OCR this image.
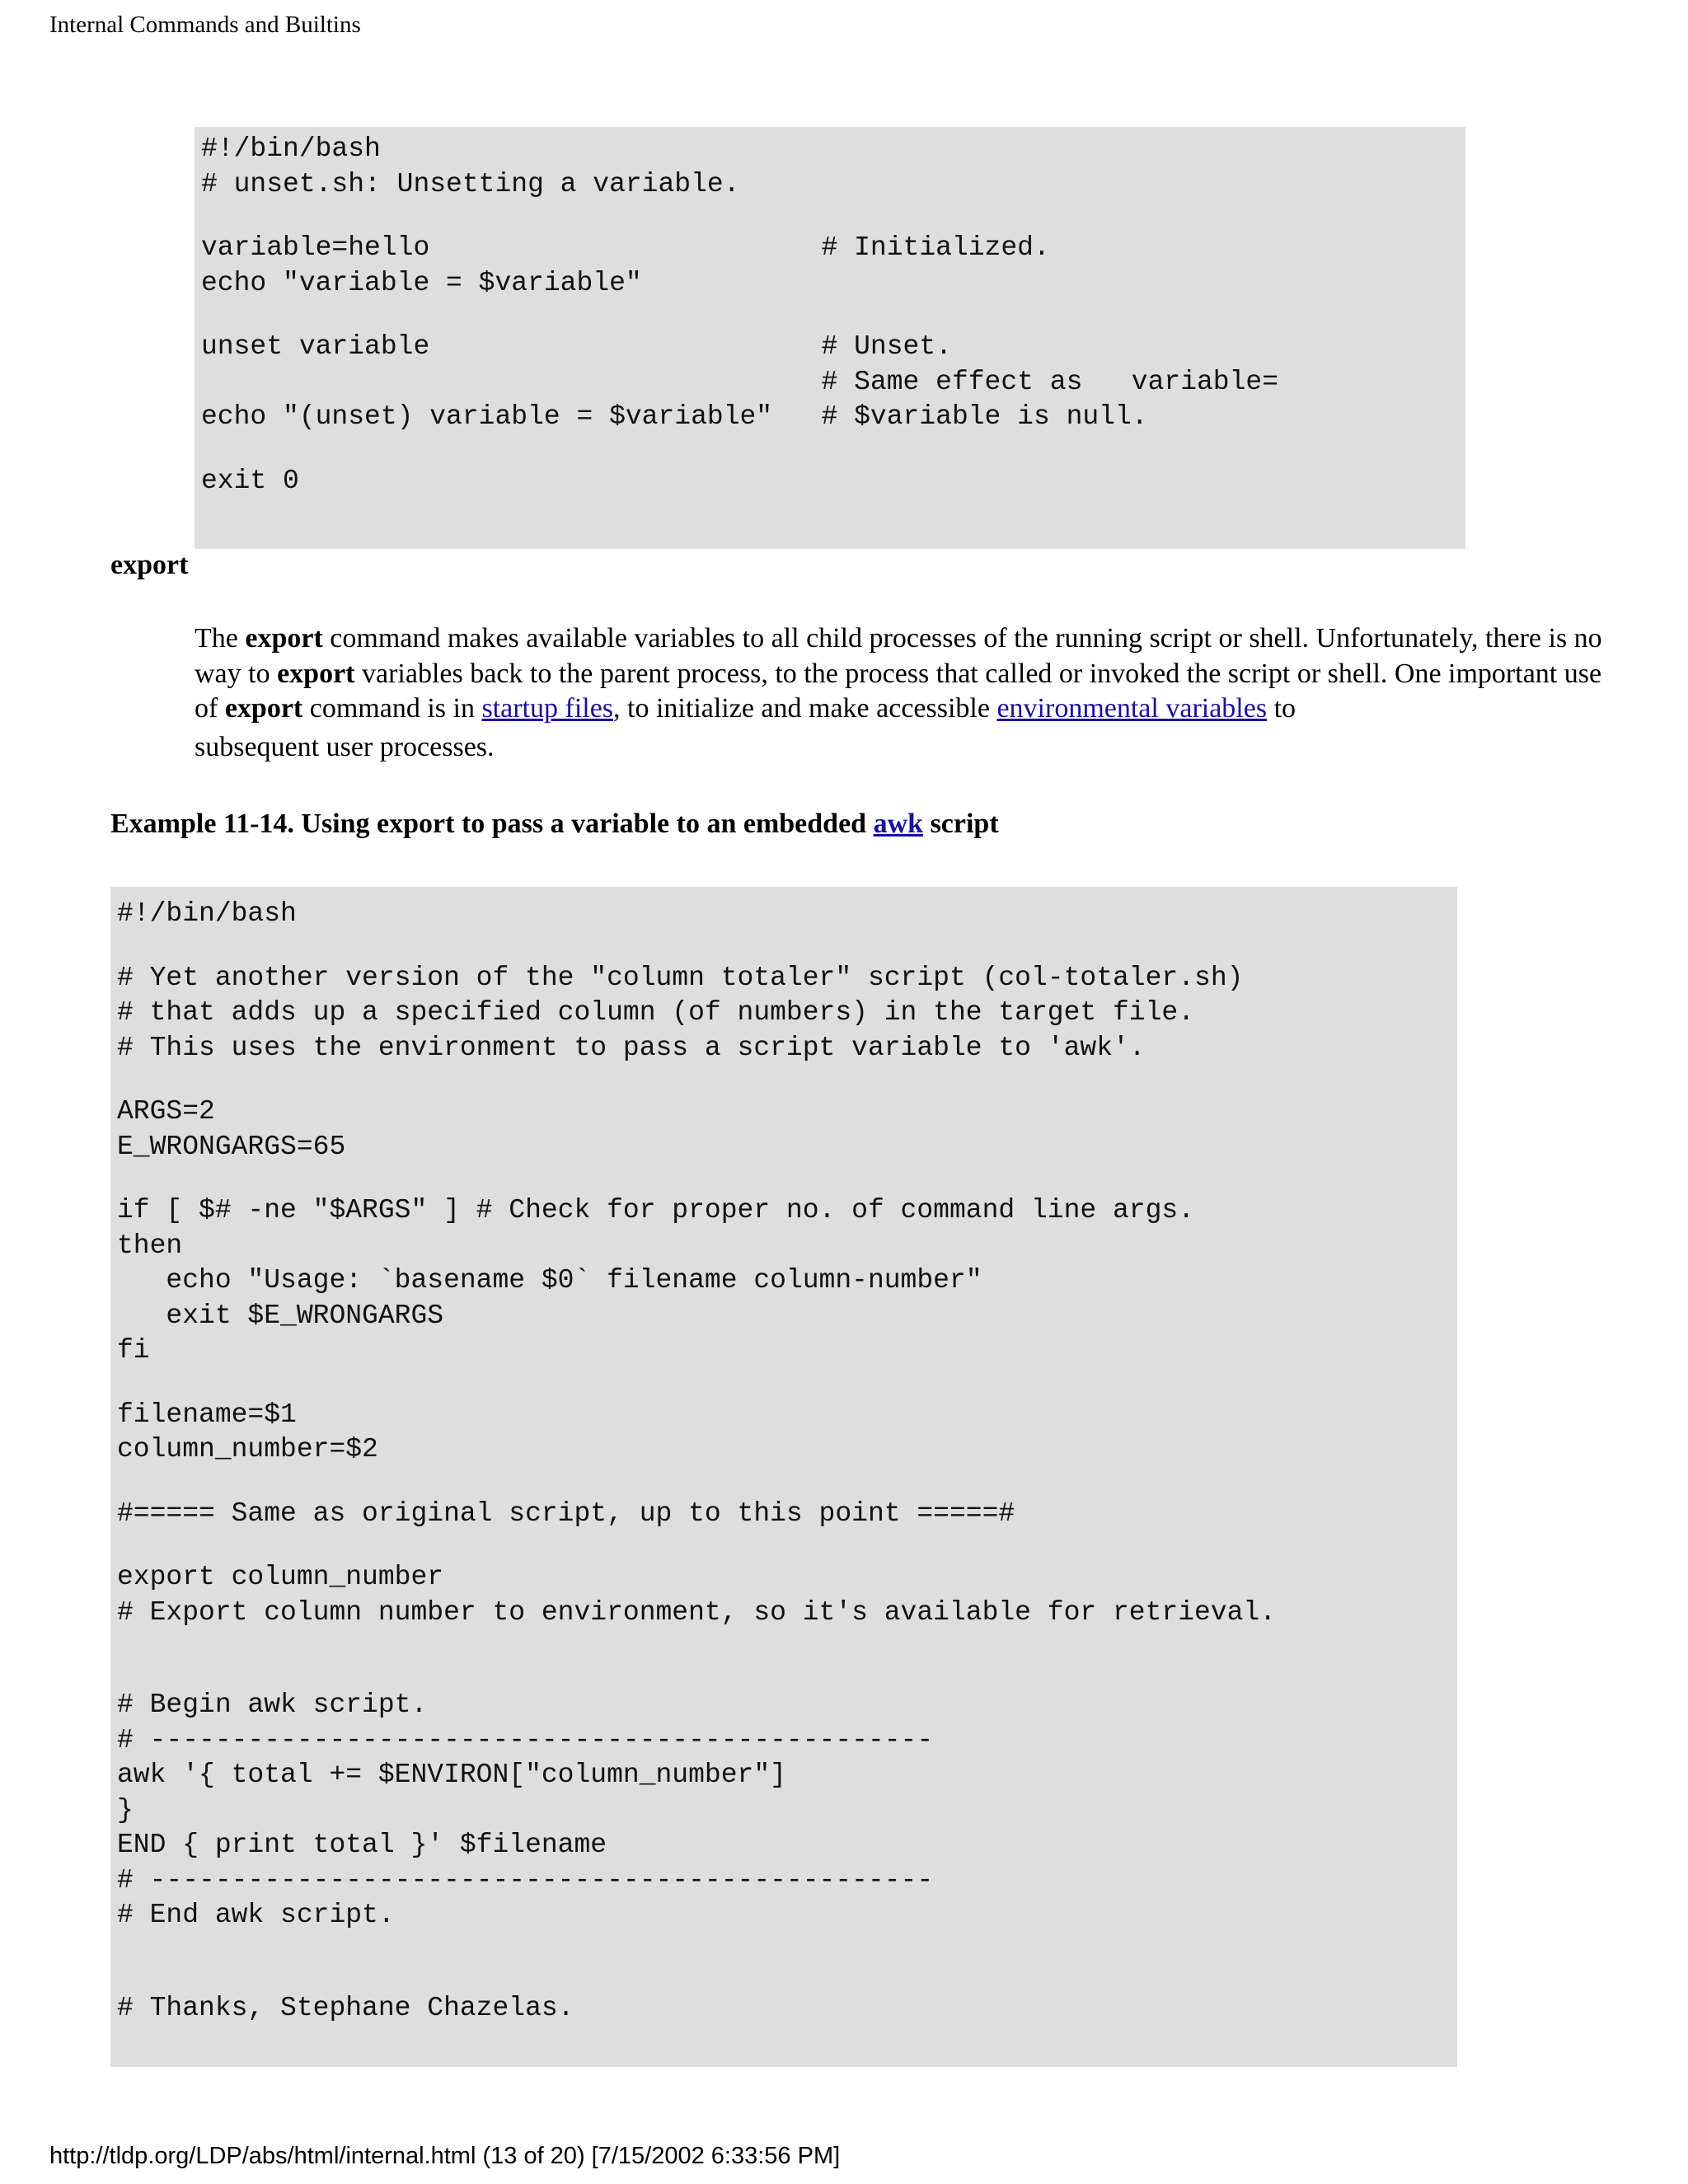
Internal Commands and Builtins
#!/bin/bash
# unset.sh: Unsetting a variable.
variable=hello                        # Initialized.
echo "variable = $variable"
unset variable                        # Unset.
# Same effect as   variable=
echo "(unset) variable = $variable"   # $variable is null.
exit 0
export

The export command makes available variables to all child processes of the running script or shell. Unfortunately, there is no way to export variables back to the parent process, to the process that called or invoked the script or shell. One important use of export command is in startup files, to initialize and make accessible environmental variables to
subsequent user processes.

Example 11-14. Using export to pass a variable to an embedded awk script
#!/bin/bash
# Yet another version of the "column totaler" script (col-totaler.sh)
# that adds up a specified column (of numbers) in the target file.
# This uses the environment to pass a script variable to 'awk'.
ARGS=2
E_WRONGARGS=65
if [ $# -ne "$ARGS" ] # Check for proper no. of command line args.
then
echo "Usage: `basename $0` filename column-number"
exit $E_WRONGARGS
fi
filename=$1
column_number=$2
#===== Same as original script, up to this point =====#
export column_number
# Export column number to environment, so it's available for retrieval.
# Begin awk script.
# ------------------------------------------------
awk '{ total += $ENVIRON["column_number"]
}
END { print total }' $filename
# ------------------------------------------------
# End awk script.
# Thanks, Stephane Chazelas.
http://tldp.org/LDP/abs/html/internal.html (13 of 20) [7/15/2002 6:33:56 PM]
